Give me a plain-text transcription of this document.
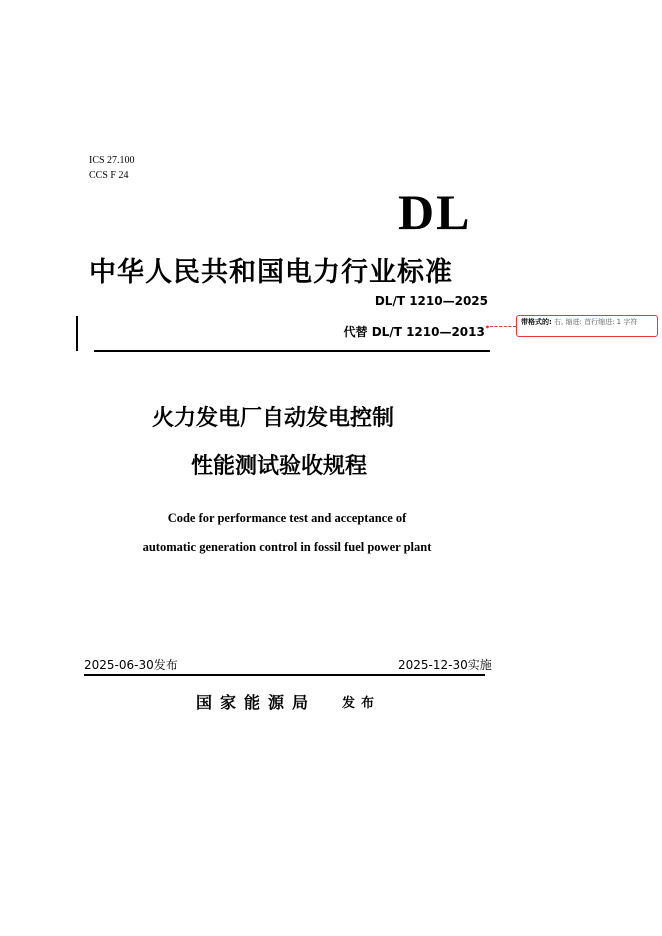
ICS 27.100
CCS F 24
DL
中华人民共和国电力行业标准
DL/T 1210—2025
代替 DL/T 1210—2013•
带格式的: 右, 缩进: 首行缩进: 1 字符
火力发电厂自动发电控制
性能测试验收规程
Code for performance test and acceptance of
automatic generation control in fossil fuel power plant
2025-06-30发布	2025-12-30实施
国家能源局 发布
